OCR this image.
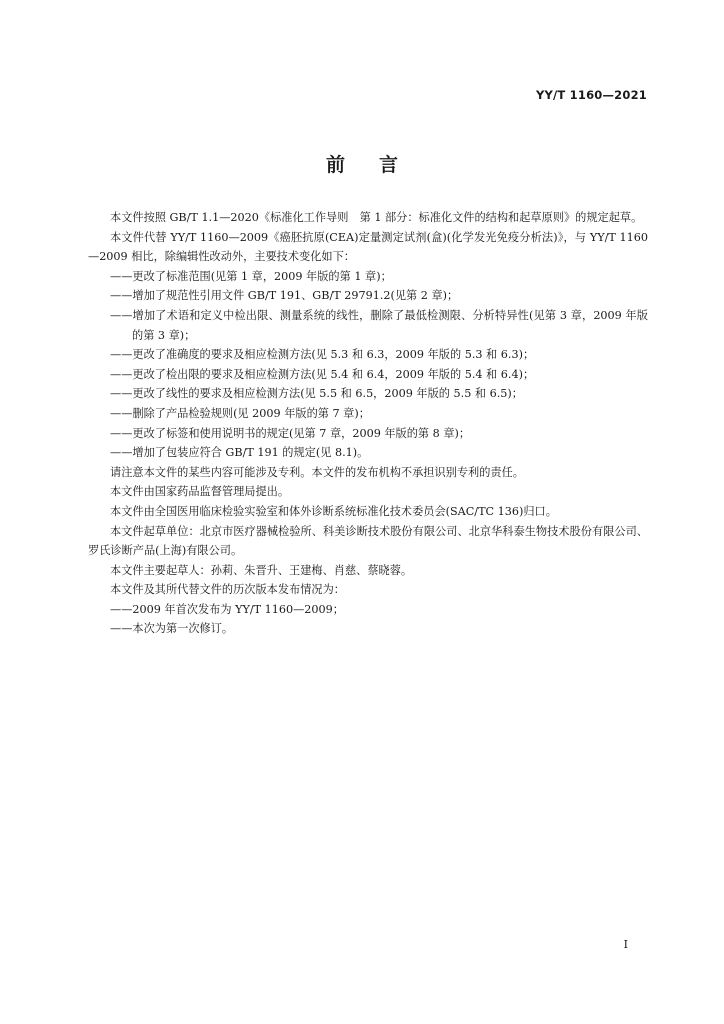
YY/T 1160—2021
前言

本文件按照 GB/T 1.1—2020《标准化工作导则　第 1 部分：标准化文件的结构和起草原则》的规定起草。

本文件代替 YY/T 1160—2009《癌胚抗原(CEA)定量测定试剂(盒)(化学发光免疫分析法)》，与 YY/T 1160—2009 相比，除编辑性改动外，主要技术变化如下：

——更改了标准范围(见第 1 章，2009 年版的第 1 章)；

——增加了规范性引用文件 GB/T 191、GB/T 29791.2(见第 2 章)；

——增加了术语和定义中检出限、测量系统的线性，删除了最低检测限、分析特异性(见第 3 章，2009 年版的第 3 章)；

——更改了准确度的要求及相应检测方法(见 5.3 和 6.3，2009 年版的 5.3 和 6.3)；

——更改了检出限的要求及相应检测方法(见 5.4 和 6.4，2009 年版的 5.4 和 6.4)；

——更改了线性的要求及相应检测方法(见 5.5 和 6.5，2009 年版的 5.5 和 6.5)；

——删除了产品检验规则(见 2009 年版的第 7 章)；

——更改了标签和使用说明书的规定(见第 7 章，2009 年版的第 8 章)；

——增加了包装应符合 GB/T 191 的规定(见 8.1)。

请注意本文件的某些内容可能涉及专利。本文件的发布机构不承担识别专利的责任。

本文件由国家药品监督管理局提出。

本文件由全国医用临床检验实验室和体外诊断系统标准化技术委员会(SAC/TC 136)归口。

本文件起草单位：北京市医疗器械检验所、科美诊断技术股份有限公司、北京华科泰生物技术股份有限公司、罗氏诊断产品(上海)有限公司。

本文件主要起草人：孙莉、朱晋升、王建梅、肖慈、蔡晓蓉。

本文件及其所代替文件的历次版本发布情况为：

——2009 年首次发布为 YY/T 1160—2009；

——本次为第一次修订。

I
